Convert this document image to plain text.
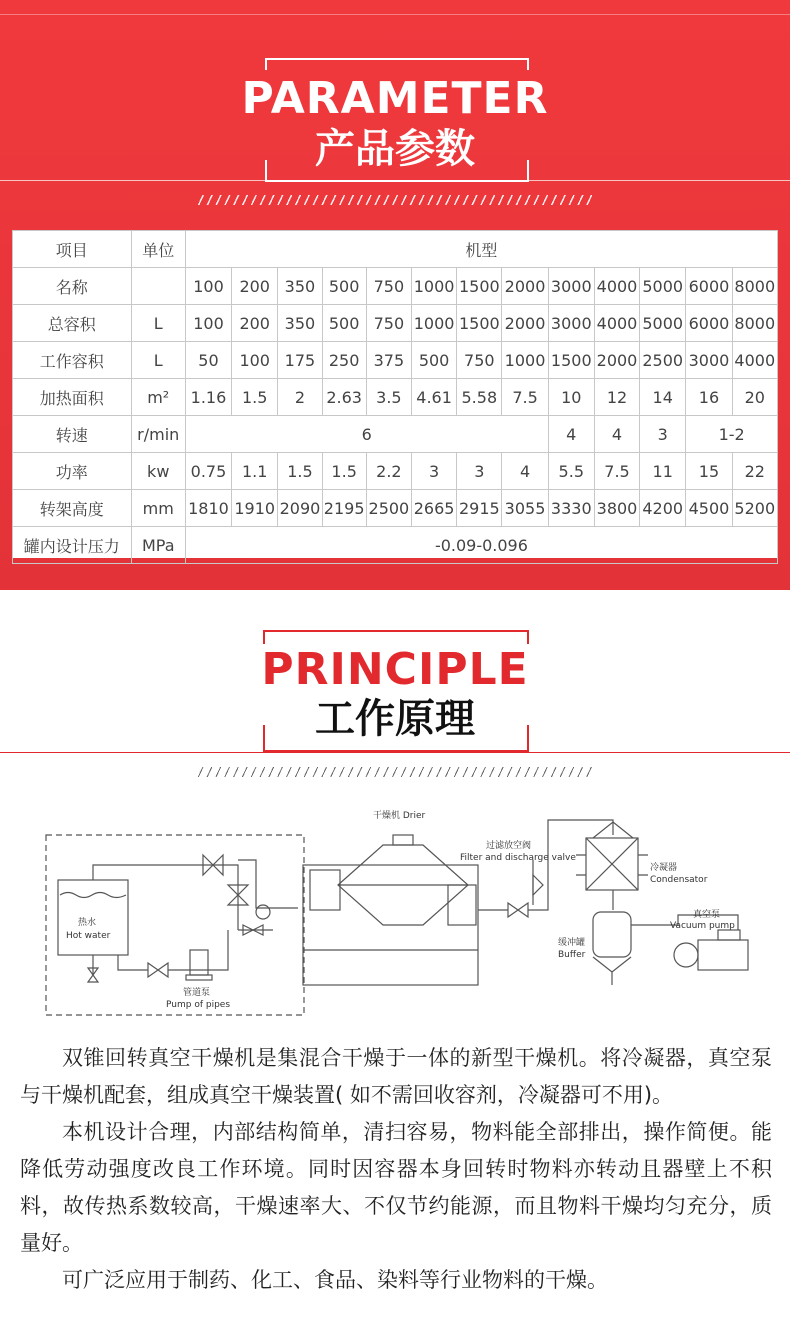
PARAMETER
产品参数
项目	单位	机型												
名称		100	200	350	500	750	1000	1500	2000	3000	4000	5000	6000	8000
总容积	L	100	200	350	500	750	1000	1500	2000	3000	4000	5000	6000	8000
工作容积	L	50	100	175	250	375	500	750	1000	1500	2000	2500	3000	4000
加热面积	m²	1.16	1.5	2	2.63	3.5	4.61	5.58	7.5	10	12	14	16	20
转速	r/min	6								4	4	3	1-2	
功率	kw	0.75	1.1	1.5	1.5	2.2	3	3	4	5.5	7.5	11	15	22
转架高度	mm	1810	1910	2090	2195	2500	2665	2915	3055	3330	3800	4200	4500	5200
罐内设计压力	MPa	-0.09-0.096												
PRINCIPLE
工作原理
干燥机 Drier
过滤放空阀
Filter and discharge valve
冷凝器
Condensator
真空泵
Vacuum pump
缓冲罐
Buffer
热水
Hot water
管道泵
Pump of pipes

双锥回转真空干燥机是集混合干燥于一体的新型干燥机。将冷凝器，真空泵与干燥机配套，组成真空干燥装置( 如不需回收容剂，冷凝器可不用)。

本机设计合理，内部结构简单，清扫容易，物料能全部排出，操作简便。能降低劳动强度改良工作环境。同时因容器本身回转时物料亦转动且器壁上不积料，故传热系数较高，干燥速率大、不仅节约能源，而且物料干燥均匀充分，质量好。

可广泛应用于制药、化工、食品、染料等行业物料的干燥。
